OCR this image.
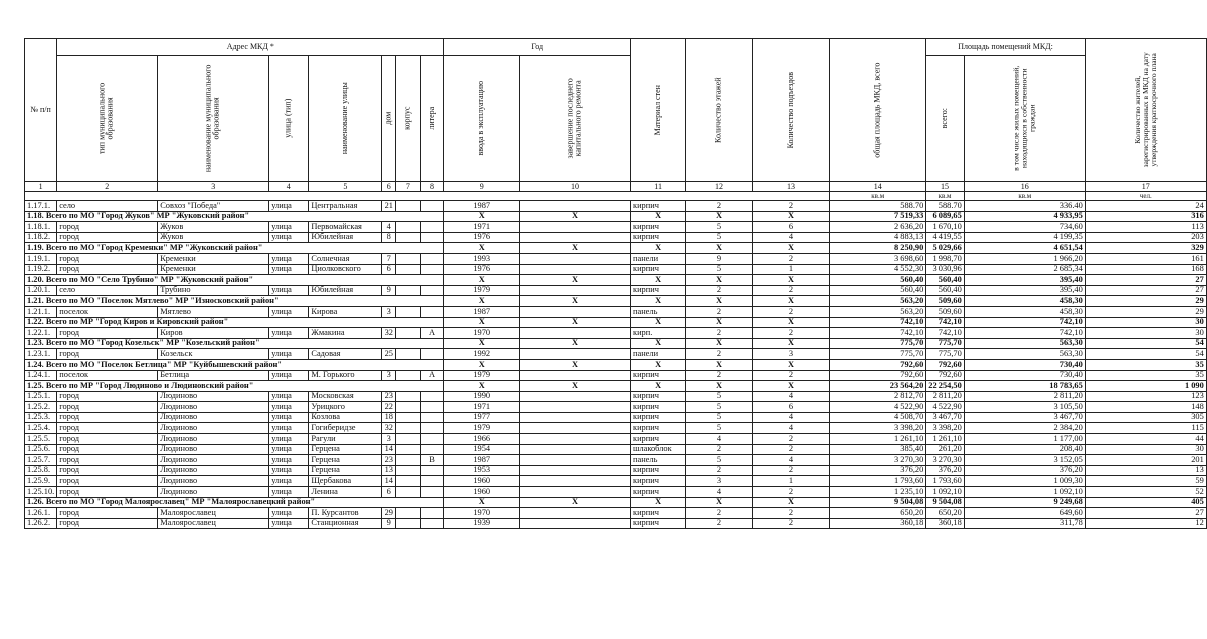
№ п/п	Адрес МКД *							Год		Материал стен	Количество этажей	Количество подъездов	общая площадь МКД, всего	Площадь помещений МКД:		Количество жителей, зарегистрированных в МКД на дату утверждения краткосрочного плана
	тип муниципального образования	наименование муниципального образования	улица (тип)	наименование улицы	дом	корпус	литера	ввода в эксплуатацию	завершение последнего капитального ремонта					всего:	в том числе жилых помещений, находящихся в собственности граждан	
1	2	3	4	5	6	7	8	9	10	11	12	13	14	15	16	17
													кв.м	кв.м	кв.м	чел.
1.17.1.	село	Совхоз "Победа"	улица	Центральная	21			1987		кирпич	2	2	588.70	588.70	336.40	24
1.18. Всего по МО "Город Жуков" МР "Жуковский район"								X	X	X	X	X	7 519,33	6 089,65	4 933,95	316
1.18.1.	город	Жуков	улица	Первомайская	4			1971		кирпич	5	6	2 636,20	1 670,10	734,60	113
1.18.2.	город	Жуков	улица	Юбилейная	8			1976		кирпич	5	4	4 883,13	4 419,55	4 199,35	203
1.19. Всего по МО "Город Кременки" МР "Жуковский район"								X	X	X	X	X	8 250,90	5 029,66	4 651,54	329
1.19.1.	город	Кременки	улица	Солнечная	7			1993		панели	9	2	3 698,60	1 998,70	1 966,20	161
1.19.2.	город	Кременки	улица	Циолковского	6			1976		кирпич	5	1	4 552,30	3 030,96	2 685,34	168
1.20. Всего по МО "Село Трубино" МР "Жуковский район"								X	X	X	X	X	560,40	560,40	395,40	27
1.20.1.	село	Трубино	улица	Юбилейная	9			1979		кирпич	2	2	560,40	560,40	395,40	27
1.21. Всего по МО "Поселок Мятлево" МР "Износковский район"								X	X	X	X	X	563,20	509,60	458,30	29
1.21.1.	поселок	Мятлево	улица	Кирова	3			1987		панель	2	2	563,20	509,60	458,30	29
1.22. Всего по МР "Город Киров и Кировский район"								X	X	X	X	X	742,10	742,10	742,10	30
1.22.1.	город	Киров	улица	Жмакина	32		А	1970		кирп.	2	2	742,10	742,10	742,10	30
1.23. Всего по МО "Город Козельск" МР "Козельский район"								X	X	X	X	X	775,70	775,70	563,30	54
1.23.1.	город	Козельск	улица	Садовая	25			1992		панели	2	3	775,70	775,70	563,30	54
1.24. Всего по МО "Поселок Бетлица" МР "Куйбышевский район"								X	X	X	X	X	792,60	792,60	730,40	35
1.24.1.	поселок	Бетлица	улица	М. Горького	3		А	1979		кирпич	2	2	792,60	792,60	730,40	35
1.25. Всего по МР "Город Людиново и Людиновский район"								X	X	X	X	X	23 564,20	22 254,50	18 783,65	1 090
1.25.1.	город	Людиново	улица	Московская	23			1990		кирпич	5	4	2 812,70	2 811,20	2 811,20	123
1.25.2.	город	Людиново	улица	Урицкого	22			1971		кирпич	5	6	4 522,90	4 522,90	3 105,50	148
1.25.3.	город	Людиново	улица	Козлова	18			1977		кирпич	5	4	4 508,70	3 467,70	3 467,70	305
1.25.4.	город	Людиново	улица	Гогиберидзе	32			1979		кирпич	5	4	3 398,20	3 398,20	2 384,20	115
1.25.5.	город	Людиново	улица	Рагули	3			1966		кирпич	4	2	1 261,10	1 261,10	1 177,00	44
1.25.6.	город	Людиново	улица	Герцена	14			1954		шлакоблок	2	2	385,40	261,20	208,40	30
1.25.7.	город	Людиново	улица	Герцена	23		В	1987		панель	5	4	3 270,30	3 270,30	3 152,05	201
1.25.8.	город	Людиново	улица	Герцена	13			1953		кирпич	2	2	376,20	376,20	376,20	13
1.25.9.	город	Людиново	улица	Щербакова	14			1960		кирпич	3	1	1 793,60	1 793,60	1 009,30	59
1.25.10.	город	Людиново	улица	Ленина	6			1960		кирпич	4	2	1 235,10	1 092,10	1 092,10	52
1.26. Всего по МО "Город Малоярославец" МР "Малоярославецкий район"								X	X	X	X	X	9 504,08	9 504,08	9 249,68	405
1.26.1.	город	Малоярославец	улица	П. Курсантов	29			1970		кирпич	2	2	650,20	650,20	649,60	27
1.26.2.	город	Малоярославец	улица	Станционная	9			1939		кирпич	2	2	360,18	360,18	311,78	12
